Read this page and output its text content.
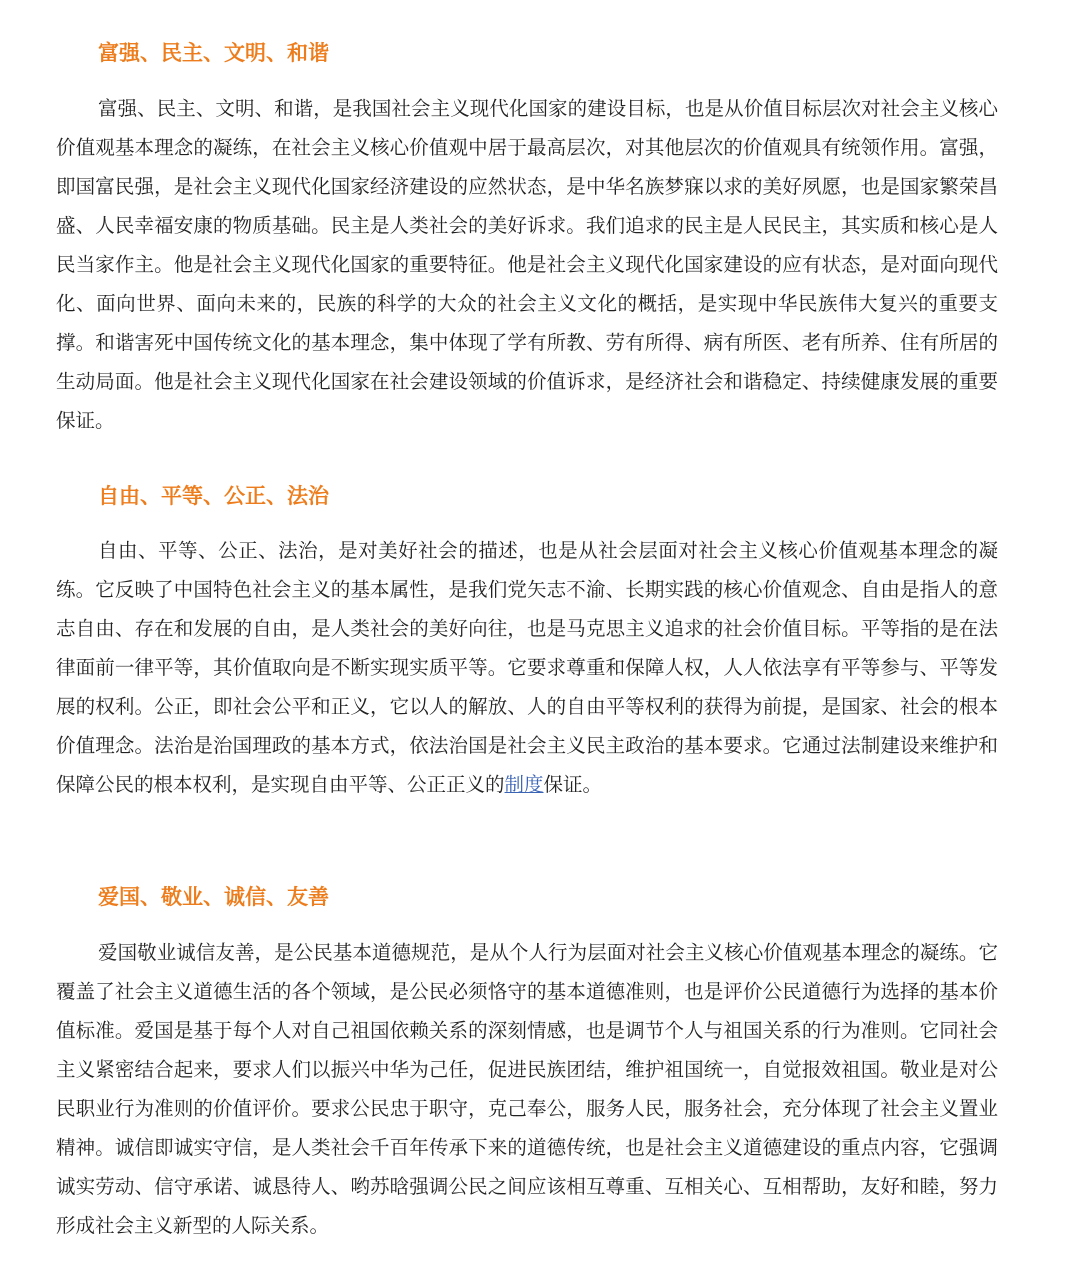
富强、民主、文明、和谐

富强、民主、文明、和谐，是我国社会主义现代化国家的建设目标，也是从价值目标层次对社会主义核心价值观基本理念的凝练，在社会主义核心价值观中居于最高层次，对其他层次的价值观具有统领作用。富强，即国富民强，是社会主义现代化国家经济建设的应然状态，是中华名族梦寐以求的美好夙愿，也是国家繁荣昌盛、人民幸福安康的物质基础。民主是人类社会的美好诉求。我们追求的民主是人民民主，其实质和核心是人民当家作主。他是社会主义现代化国家的重要特征。他是社会主义现代化国家建设的应有状态，是对面向现代化、面向世界、面向未来的，民族的科学的大众的社会主义文化的概括，是实现中华民族伟大复兴的重要支撑。和谐害死中国传统文化的基本理念，集中体现了学有所教、劳有所得、病有所医、老有所养、住有所居的生动局面。他是社会主义现代化国家在社会建设领域的价值诉求，是经济社会和谐稳定、持续健康发展的重要保证。

自由、平等、公正、法治

自由、平等、公正、法治，是对美好社会的描述，也是从社会层面对社会主义核心价值观基本理念的凝练。它反映了中国特色社会主义的基本属性，是我们党矢志不渝、长期实践的核心价值观念、自由是指人的意志自由、存在和发展的自由，是人类社会的美好向往，也是马克思主义追求的社会价值目标。平等指的是在法律面前一律平等，其价值取向是不断实现实质平等。它要求尊重和保障人权，人人依法享有平等参与、平等发展的权利。公正，即社会公平和正义，它以人的解放、人的自由平等权利的获得为前提，是国家、社会的根本价值理念。法治是治国理政的基本方式，依法治国是社会主义民主政治的基本要求。它通过法制建设来维护和保障公民的根本权利，是实现自由平等、公正正义的制度保证。

爱国、敬业、诚信、友善

爱国敬业诚信友善，是公民基本道德规范，是从个人行为层面对社会主义核心价值观基本理念的凝练。它覆盖了社会主义道德生活的各个领域，是公民必须恪守的基本道德准则，也是评价公民道德行为选择的基本价值标准。爱国是基于每个人对自己祖国依赖关系的深刻情感，也是调节个人与祖国关系的行为准则。它同社会主义紧密结合起来，要求人们以振兴中华为己任，促进民族团结，维护祖国统一，自觉报效祖国。敬业是对公民职业行为准则的价值评价。要求公民忠于职守，克己奉公，服务人民，服务社会，充分体现了社会主义置业精神。诚信即诚实守信，是人类社会千百年传承下来的道德传统，也是社会主义道德建设的重点内容，它强调诚实劳动、信守承诺、诚恳待人、哟苏晗强调公民之间应该相互尊重、互相关心、互相帮助，友好和睦，努力形成社会主义新型的人际关系。
